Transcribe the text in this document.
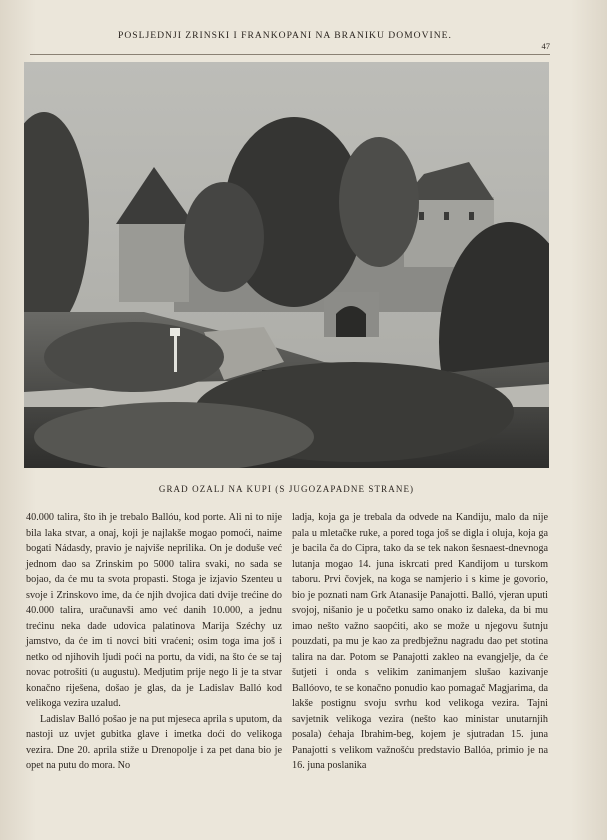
POSLJEDNJI ZRINSKI I FRANKOPANI NA BRANIKU DOMOVINE.
47
GRAD OZALJ NA KUPI (S JUGOZAPADNE STRANE)

40.000 talira, što ih je trebalo Ballóu, kod porte. Ali ni to nije bila laka stvar, a onaj, koji je najlakše mogao pomoći, naime bogati Nádasdy, pravio je najviše neprilika. On je doduše već jednom dao sa Zrinskim po 5000 talira svaki, no sada se bojao, da će mu ta svota propasti. Stoga je izjavio Szenteu u svoje i Zrinskovo ime, da će njih dvojica dati dvije trećine do 40.000 talira, uračunavši amo već danih 10.000, a jednu trećinu neka dade udovica palatinova Marija Széchy uz jamstvo, da će im ti novci biti vraćeni; osim toga ima još i netko od njihovih ljudi poći na portu, da vidi, na što će se taj novac potrošiti (u augustu). Medjutim prije nego li je ta stvar konačno riješena, došao je glas, da je Ladislav Balló kod velikoga vezira uzalud.

Ladislav Balló pošao je na put mjeseca aprila s uputom, da nastoji uz uvjet gubitka glave i imetka doći do velikoga vezira. Dne 20. aprila stiže u Drenopolje i za pet dana bio je opet na putu do mora. No

ladja, koja ga je trebala da odvede na Kandiju, malo da nije pala u mletačke ruke, a pored toga još se digla i oluja, koja ga je bacila ča do Cipra, tako da se tek nakon šesnaest-dnevnoga lutanja mogao 14. juna iskrcati pred Kandijom u turskom taboru. Prvi čovjek, na koga se namjerio i s kime je govorio, bio je poznati nam Grk Atanasije Panajotti. Balló, vjeran uputi svojoj, nišanio je u početku samo onako iz daleka, da bi mu imao nešto važno saopćiti, ako se može u njegovu šutnju pouzdati, pa mu je kao za predbježnu nagradu dao pet stotina talira na dar. Potom se Panajotti zakleo na evangjelje, da će šutjeti i onda s velikim zanimanjem slušao kazivanje Ballóovo, te se konačno ponudio kao pomagač Magjarima, da lakše postignu svoju svrhu kod velikoga vezira. Tajni savjetnik velikoga vezira (nešto kao ministar unutarnjih posala) ćehaja Ibrahim-beg, kojem je sjutradan 15. juna Panajotti s velikom važnošću predstavio Ballóa, primio je na 16. juna poslanika
